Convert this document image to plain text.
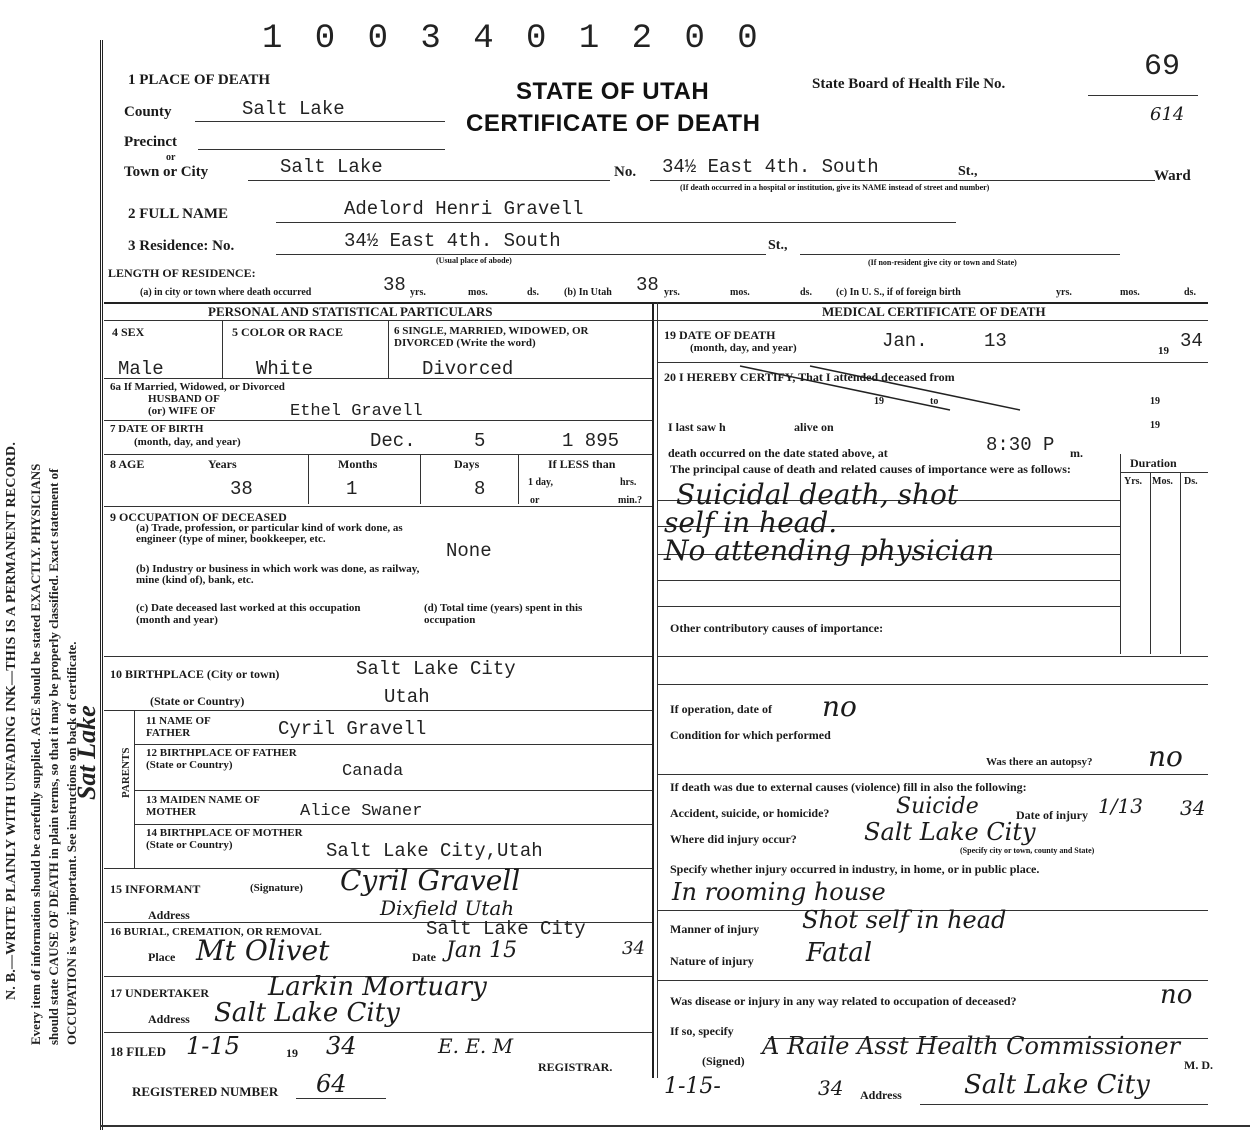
N. B.—WRITE PLAINLY WITH UNFADING INK—THIS IS A PERMANENT RECORD. Every item of information should be carefully supplied. AGE should be stated EXACTLY. PHYSICIANS should state CAUSE OF DEATH in plain terms, so that it may be properly classified. Exact statement of OCCUPATION is very important. See instructions on back of certificate.
Sat Lake
1 0 0 3 4 0 1 2 0 0
STATE OF UTAH
CERTIFICATE OF DEATH
State Board of Health File No.	69
614
1 PLACE OF DEATH
County	Salt Lake
Precinct
or
Town or City	Salt Lake	No. 34½ East 4th. South	St.,	Ward
(If death occurred in a hospital or institution, give its NAME instead of street and number)
2 FULL NAME	Adelord Henri Gravell
3 Residence: No.	34½ East 4th. South	St.,
(Usual place of abode)	(If non-resident give city or town and State)
LENGTH OF RESIDENCE:
(a) in city or town where death occurred	38 yrs.	mos.	ds.	(b) In Utah 38 yrs.	mos.	ds. (c) In U. S., if of foreign birth	yrs.	mos.	ds.
PERSONAL AND STATISTICAL PARTICULARS	MEDICAL CERTIFICATE OF DEATH
4 SEX	5 COLOR OR RACE	6 SINGLE, MARRIED, WIDOWED, OR DIVORCED (Write the word)
Male	White	Divorced
6a If Married, Widowed, or Divorced
HUSBAND OF
(or) WIFE OF	Ethel Gravell
7 DATE OF BIRTH
(month, day, and year)	Dec.	5	1 895
8 AGE	Years	Months	Days	If LESS than
1 day,	hrs.
or	min.?
38	1	8
9 OCCUPATION OF DECEASED
(a) Trade, profession, or particular kind of work done, as engineer (type of miner, bookkeeper, etc.
None
(b) Industry or business in which work was done, as railway, mine (kind of), bank, etc.
(c) Date deceased last worked at this occupation (month and year)
(d) Total time (years) spent in this occupation
10 BIRTHPLACE (City or town)	Salt Lake City
(State or Country)	Utah
PARENTS
11 NAME OF FATHER	Cyril Gravell
12 BIRTHPLACE OF FATHER (State or Country)	Canada
13 MAIDEN NAME OF MOTHER	Alice Swaner
14 BIRTHPLACE OF MOTHER (State or Country)	Salt Lake City,Utah
15 INFORMANT	(Signature) Cyril Gravell
Address	Dixfield Utah
16 BURIAL, CREMATION, OR REMOVAL	Salt Lake City
Place Mt Olivet	Date Jan 15	34
17 UNDERTAKER Larkin Mortuary
Address Salt Lake City
18 FILED 1-15	19 34	E. E. M
REGISTRAR.
REGISTERED NUMBER 64
19 DATE OF DEATH
(month, day, and year)	Jan.	13	19 34
20 I HEREBY CERTIFY, That I attended deceased from
19	to	19
I last saw h	alive on	19
death occurred on the date stated above, at	8:30 P m.
The principal cause of death and related causes of importance were as follows:	Duration
Yrs. Mos. Ds.
Suicidal death, shot
self in head.
No attending physician
Other contributory causes of importance:
If operation, date of no
Condition for which performed
Was there an autopsy? no
If death was due to external causes (violence) fill in also the following:
Accident, suicide, or homicide?	Suicide	Date of injury 1/13 34
Where did injury occur?	Salt Lake City
(Specify city or town, county and State)
Specify whether injury occurred in industry, in home, or in public place.
In rooming house
Manner of injury Shot self in head
Nature of injury Fatal
Was disease or injury in any way related to occupation of deceased?	no
If so, specify
(Signed)
A Raile Asst Health Commissioner
M. D.
1-15-	34 Address Salt Lake City
